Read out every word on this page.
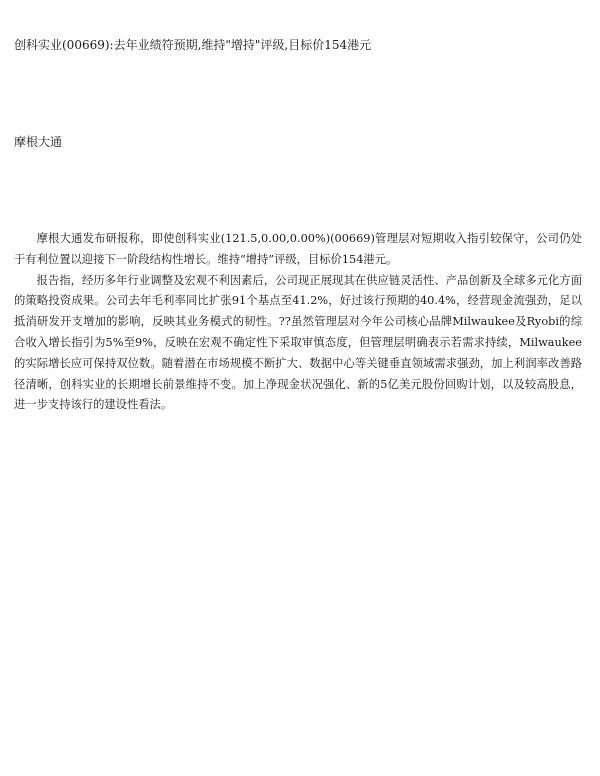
创科实业(00669):去年业绩符预期,维持"增持"评级,目标价154港元
摩根大通

摩根大通发布研报称，即使创科实业(121.5,0.00,0.00%)(00669)管理层对短期收入指引较保守，公司仍处于有利位置以迎接下一阶段结构性增长。维持“增持”评级，目标价154港元。

报告指，经历多年行业调整及宏观不利因素后，公司现正展现其在供应链灵活性、产品创新及全球多元化方面的策略投资成果。公司去年毛利率同比扩张91个基点至41.2%，好过该行预期的40.4%，经营现金流强劲，足以抵消研发开支增加的影响，反映其业务模式的韧性。??虽然管理层对今年公司核心品牌Milwaukee及Ryobi的综合收入增长指引为5%至9%，反映在宏观不确定性下采取审慎态度，但管理层明确表示若需求持续，Milwaukee的实际增长应可保持双位数。随着潜在市场规模不断扩大、数据中心等关键垂直领域需求强劲，加上利润率改善路径清晰，创科实业的长期增长前景维持不变。加上净现金状况强化、新的5亿美元股份回购计划，以及较高股息，进一步支持该行的建设性看法。
